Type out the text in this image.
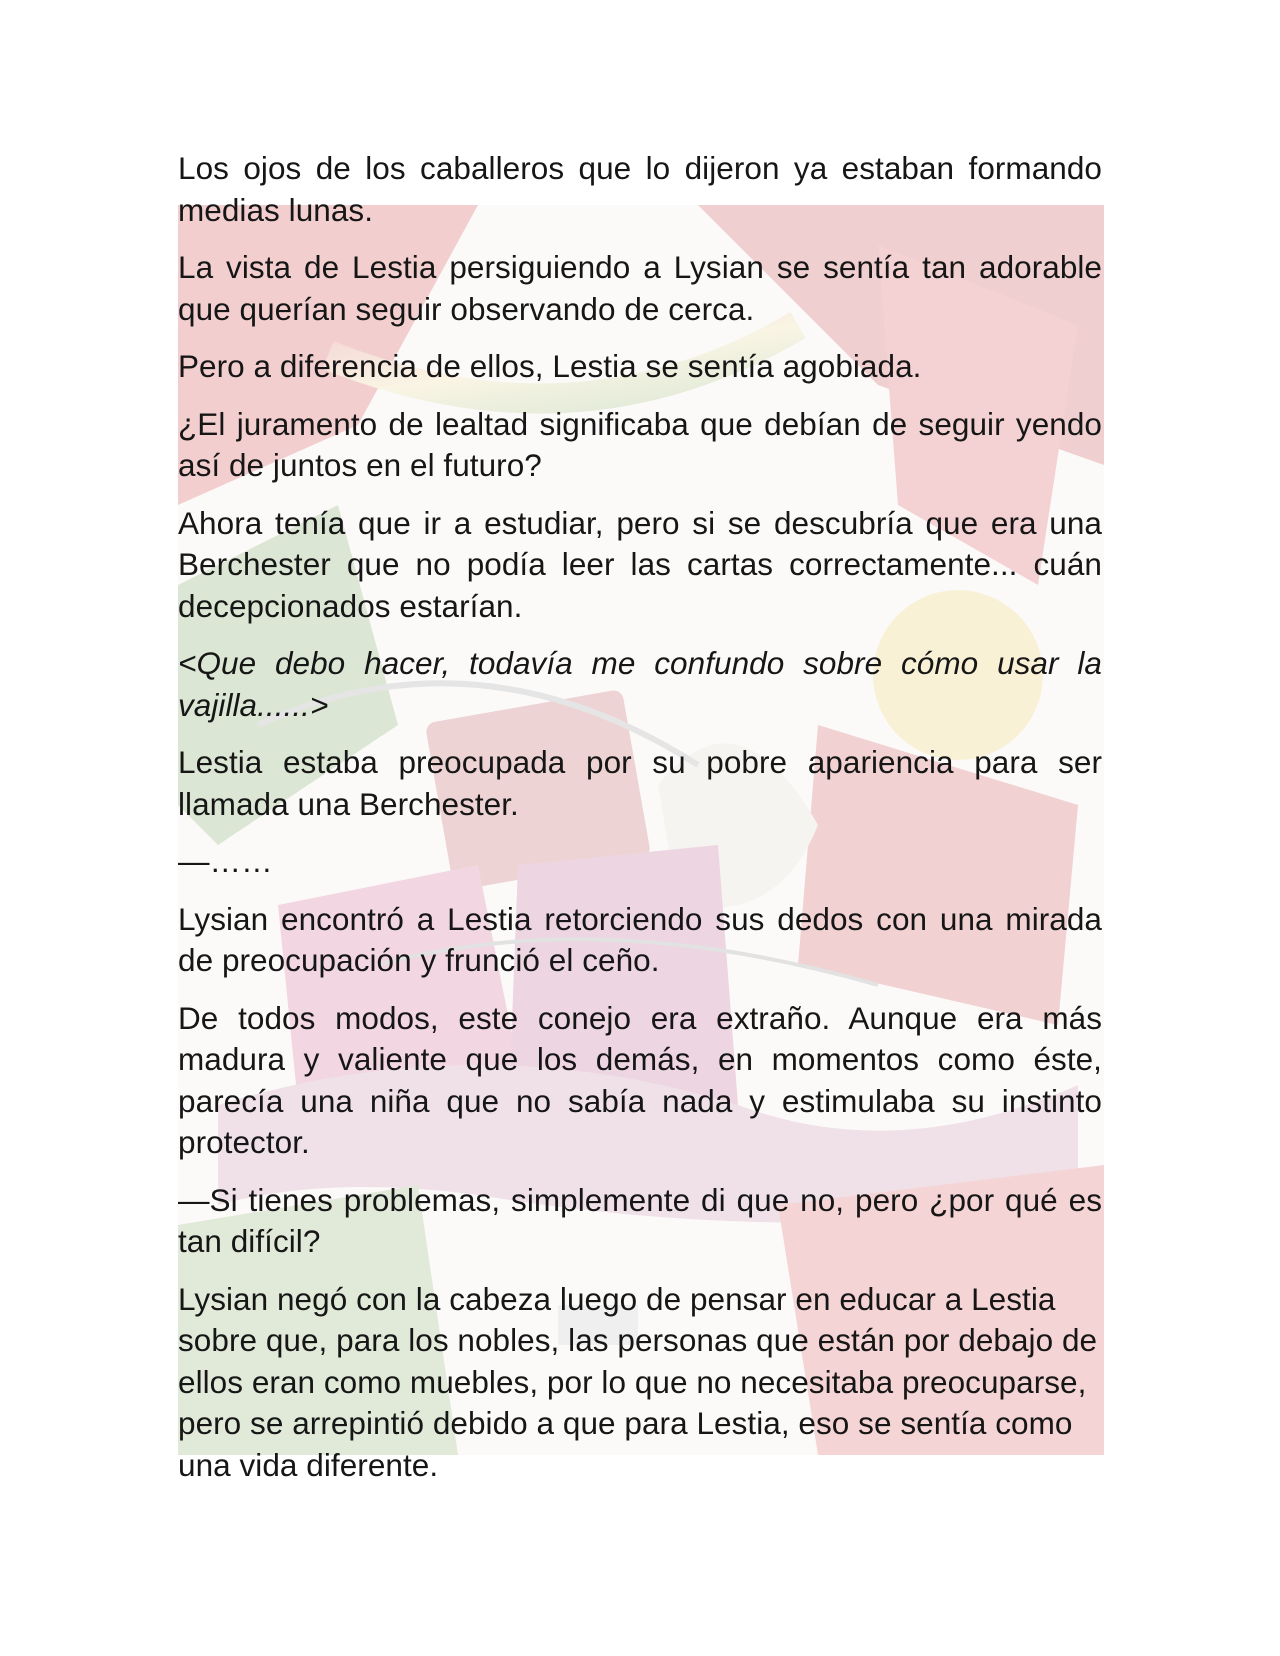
Los ojos de los caballeros que lo dijeron ya estaban formando medias lunas.

La vista de Lestia persiguiendo a Lysian se sentía tan adorable que querían seguir observando de cerca.

Pero a diferencia de ellos, Lestia se sentía agobiada.

¿El juramento de lealtad significaba que debían de seguir yendo así de juntos en el futuro?

Ahora tenía que ir a estudiar, pero si se descubría que era una Berchester que no podía leer las cartas correctamente... cuán decepcionados estarían.

<Que debo hacer, todavía me confundo sobre cómo usar la vajilla......>

Lestia estaba preocupada por su pobre apariencia para ser llamada una Berchester.

—……

Lysian encontró a Lestia retorciendo sus dedos con una mirada de preocupación y frunció el ceño.

De todos modos, este conejo era extraño. Aunque era más madura y valiente que los demás, en momentos como éste, parecía una niña que no sabía nada y estimulaba su instinto protector.

—Si tienes problemas, simplemente di que no, pero ¿por qué es tan difícil?

Lysian negó con la cabeza luego de pensar en educar a Lestia sobre que, para los nobles, las personas que están por debajo de ellos eran como muebles, por lo que no necesitaba preocuparse, pero se arrepintió debido a que para Lestia, eso se sentía como una vida diferente.
